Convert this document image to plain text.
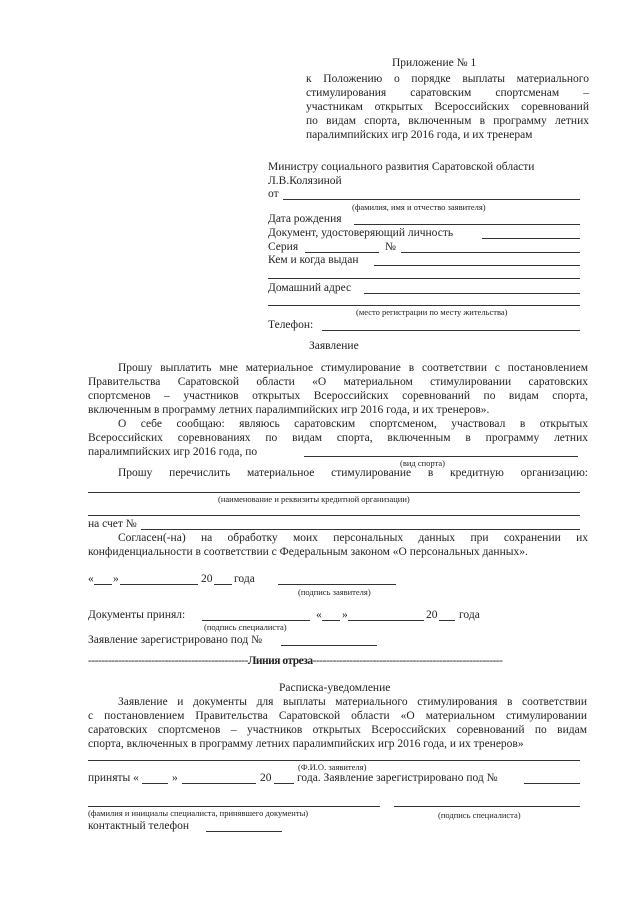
Приложение № 1
к Положению о порядке выплаты материального
стимулирования саратовским спортсменам –
участникам открытых Всероссийских соревнований
по видам спорта, включенным в программу летних
паралимпийских игр 2016 года, и их тренерам
Министру социального развития Саратовской области
Л.В.Колязиной
от
(фамилия, имя и отчество заявителя)
Дата рождения
Документ, удостоверяющий личность
Серия	№
Кем и когда выдан
Домашний адрес
(место регистрации по месту жительства)
Телефон:
Заявление
Прошу выплатить мне материальное стимулирование в соответствии с постановлением
Правительства Саратовской области «О материальном стимулировании саратовских
спортсменов – участников открытых Всероссийских соревнований по видам спорта,
включенным в программу летних паралимпийских игр 2016 года, и их тренеров».
О себе сообщаю: являюсь саратовским спортсменом, участвовал в открытых
Всероссийских соревнованиях по видам спорта, включенным в программу летних
паралимпийских игр 2016 года, по
(вид спорта)
Прошу перечислить материальное стимулирование в кредитную организацию:
(наименование и реквизиты кредитной организации)
на счет №
Согласен(-на) на обработку моих персональных данных при сохранении их
конфиденциальности в соответствии с Федеральным законом «О персональных данных».
« »	20 года
(подпись заявителя)
Документы принял:
(подпись специалиста)
« »	20 года
Заявление зарегистрировано под №
------------------------------------------------Линия отреза---------------------------------------------------------
Расписка-уведомление
Заявление и документы для выплаты материального стимулирования в соответствии
с постановлением Правительства Саратовской области «О материальном стимулировании
саратовских спортсменов – участников открытых Всероссийских соревнований по видам
спорта, включенных в программу летних паралимпийских игр 2016 года, и их тренеров»
(Ф.И.О. заявителя)
приняты «	»	20 года. Заявление зарегистрировано под №
(фамилия и инициалы специалиста, принявшего документы)	(подпись специалиста)
контактный телефон
